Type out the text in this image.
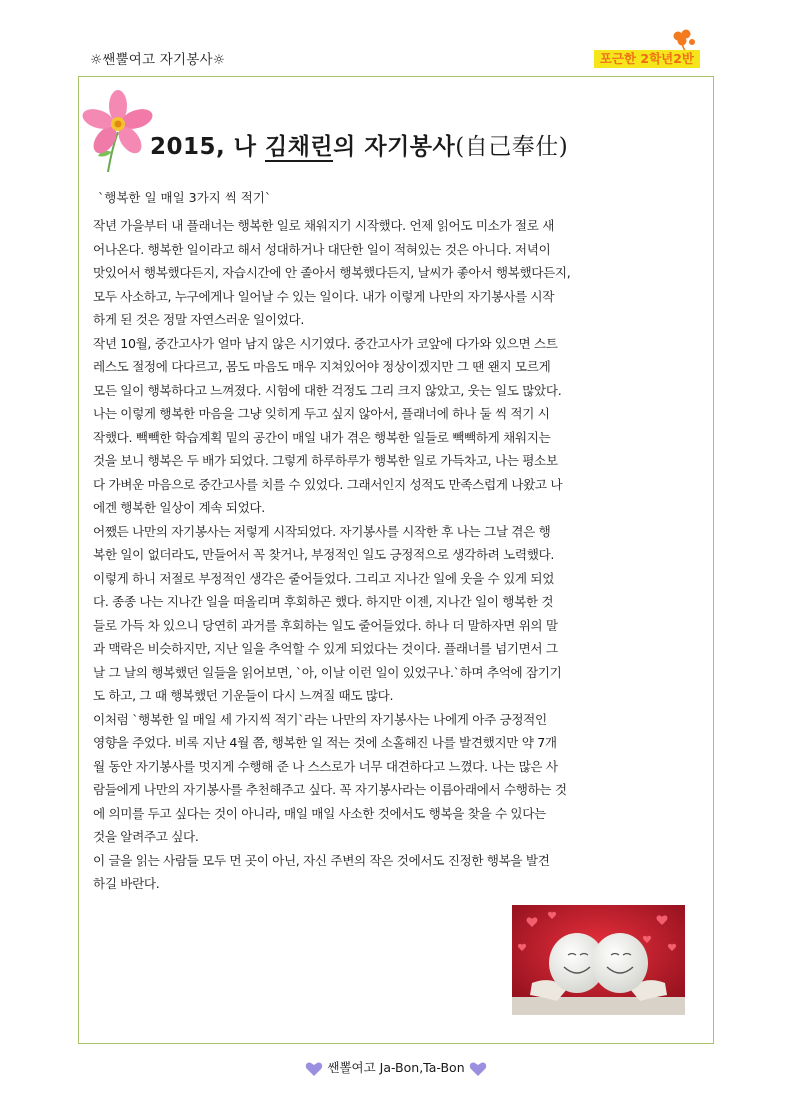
☼쌘뿔여고 자기봉사☼	포근한 2학년2반
2015, 나 김채린의 자기봉사(自己奉仕)
`행복한 일 매일 3가지 씩 적기`
작년 가을부터 내 플래너는 행복한 일로 채워지기 시작했다. 언제 읽어도 미소가 절로 새
어나온다. 행복한 일이라고 해서 성대하거나 대단한 일이 적혀있는 것은 아니다. 저녁이
맛있어서 행복했다든지, 자습시간에 안 졸아서 행복했다든지, 날씨가 좋아서 행복했다든지,
모두 사소하고, 누구에게나 일어날 수 있는 일이다. 내가 이렇게 나만의 자기봉사를 시작
하게 된 것은 정말 자연스러운 일이었다.
작년 10월, 중간고사가 얼마 남지 않은 시기였다. 중간고사가 코앞에 다가와 있으면 스트
레스도 절정에 다다르고, 몸도 마음도 매우 지쳐있어야 정상이겠지만 그 땐 왠지 모르게
모든 일이 행복하다고 느껴졌다. 시험에 대한 걱정도 그리 크지 않았고, 웃는 일도 많았다.
나는 이렇게 행복한 마음을 그냥 잊히게 두고 싶지 않아서, 플래너에 하나 둘 씩 적기 시
작했다. 빽빽한 학습계획 밑의 공간이 매일 내가 겪은 행복한 일들로 빽빽하게 채워지는
것을 보니 행복은 두 배가 되었다. 그렇게 하루하루가 행복한 일로 가득차고, 나는 평소보
다 가벼운 마음으로 중간고사를 치를 수 있었다. 그래서인지 성적도 만족스럽게 나왔고 나
에겐 행복한 일상이 계속 되었다.
어쨌든 나만의 자기봉사는 저렇게 시작되었다. 자기봉사를 시작한 후 나는 그날 겪은 행
복한 일이 없더라도, 만들어서 꼭 찾거나, 부정적인 일도 긍정적으로 생각하려 노력했다.
이렇게 하니 저절로 부정적인 생각은 줄어들었다. 그리고 지나간 일에 웃을 수 있게 되었
다. 종종 나는 지나간 일을 떠올리며 후회하곤 했다. 하지만 이젠, 지나간 일이 행복한 것
들로 가득 차 있으니 당연히 과거를 후회하는 일도 줄어들었다. 하나 더 말하자면 위의 말
과 맥락은 비슷하지만, 지난 일을 추억할 수 있게 되었다는 것이다. 플래너를 넘기면서 그
날 그 날의 행복했던 일들을 읽어보면, `아, 이날 이런 일이 있었구나.`하며 추억에 잠기기
도 하고, 그 때 행복했던 기운들이 다시 느껴질 때도 많다.
이처럼 `행복한 일 매일 세 가지씩 적기`라는 나만의 자기봉사는 나에게 아주 긍정적인
영향을 주었다. 비록 지난 4월 쯤, 행복한 일 적는 것에 소홀해진 나를 발견했지만 약 7개
월 동안 자기봉사를 멋지게 수행해 준 나 스스로가 너무 대견하다고 느꼈다. 나는 많은 사
람들에게 나만의 자기봉사를 추천해주고 싶다. 꼭 자기봉사라는 이름아래에서 수행하는 것
에 의미를 두고 싶다는 것이 아니라, 매일 매일 사소한 것에서도 행복을 찾을 수 있다는
것을 알려주고 싶다.
이 글을 읽는 사람들 모두 먼 곳이 아닌, 자신 주변의 작은 것에서도 진정한 행복을 발견
하길 바란다.
쌘뽈여고 Ja-Bon,Ta-Bon
